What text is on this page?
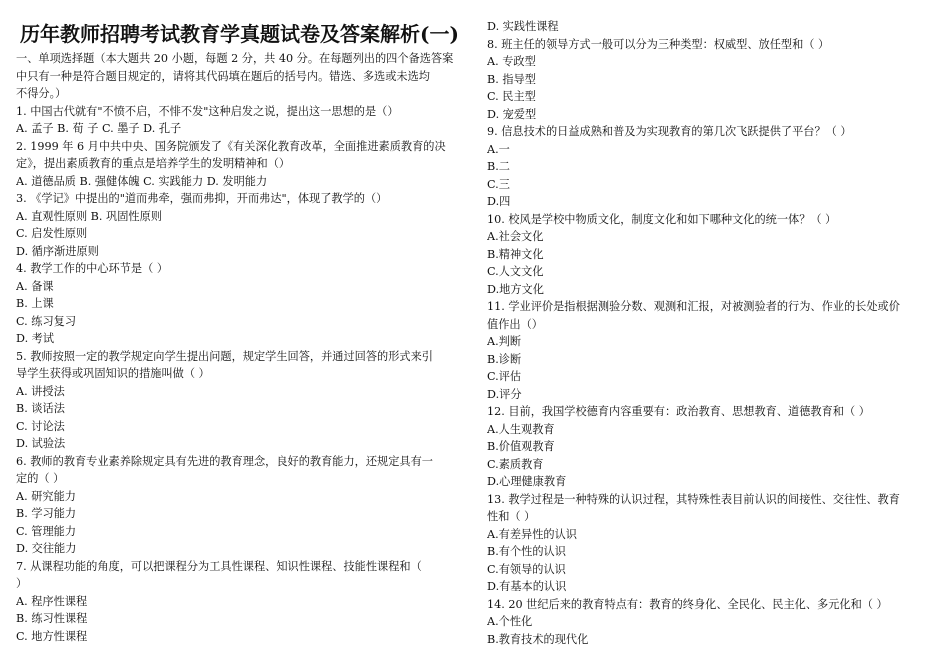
历年教师招聘考试教育学真题试卷及答案解析(一)
一、单项选择题（本大题共 20 小题，每题 2 分，共 40 分。在每题列出的四个备选答案
中只有一种是符合题目规定的，请将其代码填在题后的括号内。错选、多选或未选均
不得分。）
1. 中国古代就有"不愤不启，不悱不发"这种启发之说，提出这一思想的是（）
A. 孟子 B. 荀 子 C. 墨子 D. 孔子
2. 1999 年 6 月中共中央、国务院颁发了《有关深化教育改革，全面推进素质教育的决
定》，提出素质教育的重点是培养学生的发明精神和（）
A. 道德品质 B. 强健体魄 C. 实践能力 D. 发明能力
3. 《学记》中提出的"道而弗牵，强而弗抑，开而弗达"，体现了教学的（）
A. 直观性原则 B. 巩固性原则
C. 启发性原则
D. 循序渐进原则
4. 教学工作的中心环节是（ ）
A. 备课
B. 上课
C. 练习复习
D. 考试
5. 教师按照一定的教学规定向学生提出问题，规定学生回答，并通过回答的形式来引
导学生获得或巩固知识的措施叫做（ ）
A. 讲授法
B. 谈话法
C. 讨论法
D. 试验法
6. 教师的教育专业素养除规定具有先进的教育理念，良好的教育能力，还规定具有一
定的（ ）
A. 研究能力
B. 学习能力
C. 管理能力
D. 交往能力
7. 从课程功能的角度，可以把课程分为工具性课程、知识性课程、技能性课程和（
）
A. 程序性课程
B. 练习性课程
C. 地方性课程
D. 实践性课程
8. 班主任的领导方式一般可以分为三种类型：权威型、放任型和（ ）
A. 专政型
B. 指导型
C. 民主型
D. 宠爱型
9. 信息技术的日益成熟和普及为实现教育的第几次飞跃提供了平台？（ ）
A.一
B.二
C.三
D.四
10. 校风是学校中物质文化，制度文化和如下哪种文化的统一体？（ ）
A.社会文化
B.精神文化
C.人文文化
D.地方文化
11. 学业评价是指根据测验分数、观测和汇报，对被测验者的行为、作业的长处或价
值作出（）
A.判断
B.诊断
C.评估
D.评分
12. 目前，我国学校德育内容重要有：政治教育、思想教育、道德教育和（ ）
A.人生观教育
B.价值观教育
C.素质教育
D.心理健康教育
13. 教学过程是一种特殊的认识过程，其特殊性表目前认识的间接性、交往性、教育
性和（ ）
A.有差异性的认识
B.有个性的认识
C.有领导的认识
D.有基本的认识
14. 20 世纪后来的教育特点有：教育的终身化、全民化、民主化、多元化和（ ）
A.个性化
B.教育技术的现代化
